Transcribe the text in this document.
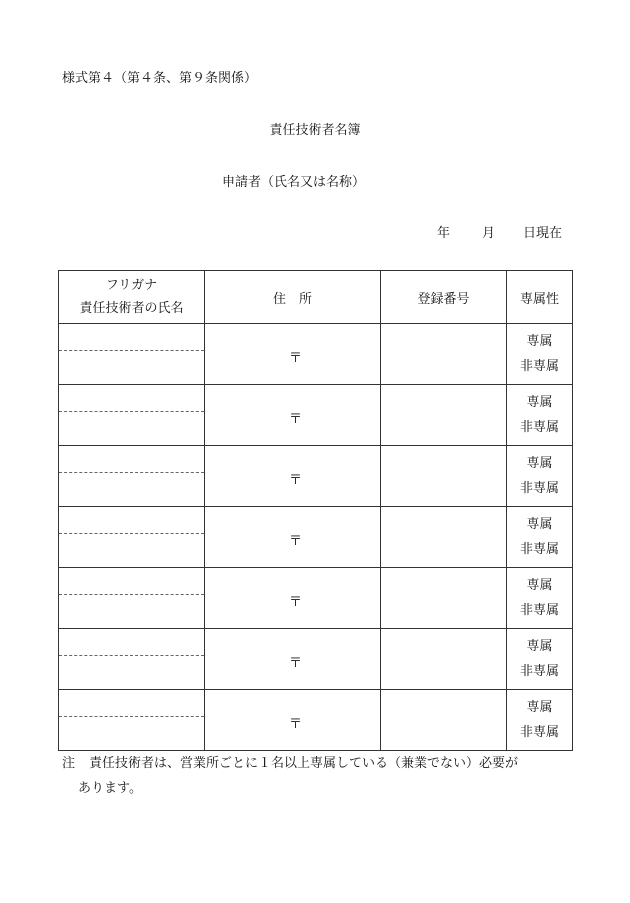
様式第４（第４条、第９条関係）
責任技術者名簿
申請者（氏名又は名称）
年 月 日現在
フリガナ
責任技術者の氏名	住　所	登録番号	専属性

	〒		専属
非専属

	〒		専属
非専属

	〒		専属
非専属

	〒		専属
非専属

	〒		専属
非専属

	〒		専属
非専属

	〒		専属
非専属
注 責任技術者は、営業所ごとに１名以上専属している（兼業でない）必要が
あります。
